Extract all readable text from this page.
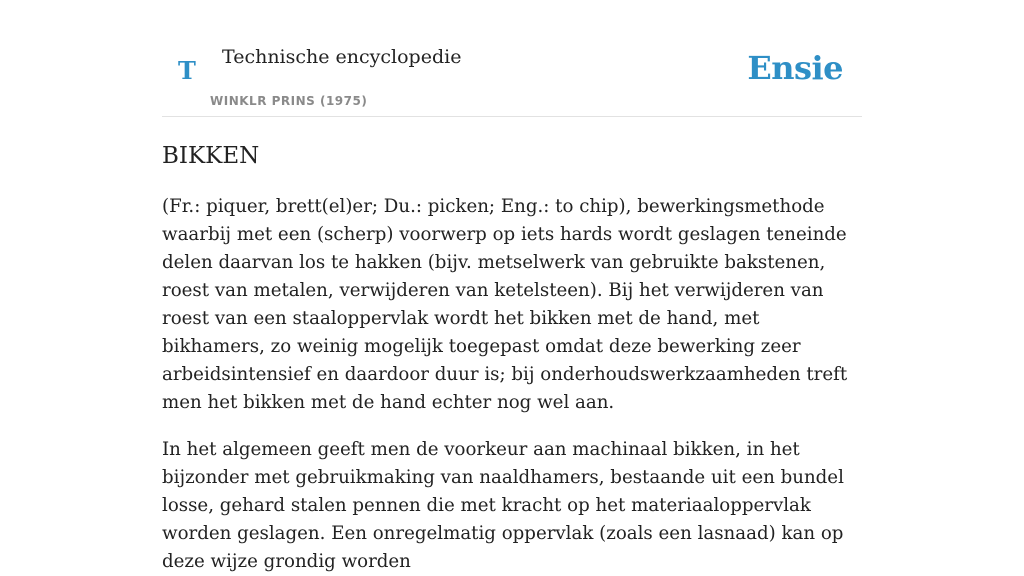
T Technische encyclopedie
WINKLR PRINS (1975)
Ensie
BIKKEN

(Fr.: piquer, brett(el)er; Du.: picken; Eng.: to chip), bewerkingsmethode waarbij met een (scherp) voorwerp op iets hards wordt geslagen teneinde delen daarvan los te hakken (bijv. metselwerk van gebruikte bakstenen, roest van metalen, verwijderen van ketelsteen). Bij het verwijderen van roest van een staaloppervlak wordt het bikken met de hand, met bikhamers, zo weinig mogelijk toegepast omdat deze bewerking zeer arbeidsintensief en daardoor duur is; bij onderhoudswerkzaamheden treft men het bikken met de hand echter nog wel aan.

In het algemeen geeft men de voorkeur aan machinaal bikken, in het bijzonder met gebruikmaking van naaldhamers, bestaande uit een bundel losse, gehard stalen pennen die met kracht op het materiaaloppervlak worden geslagen. Een onregelmatig oppervlak (zoals een lasnaad) kan op deze wijze grondig worden
